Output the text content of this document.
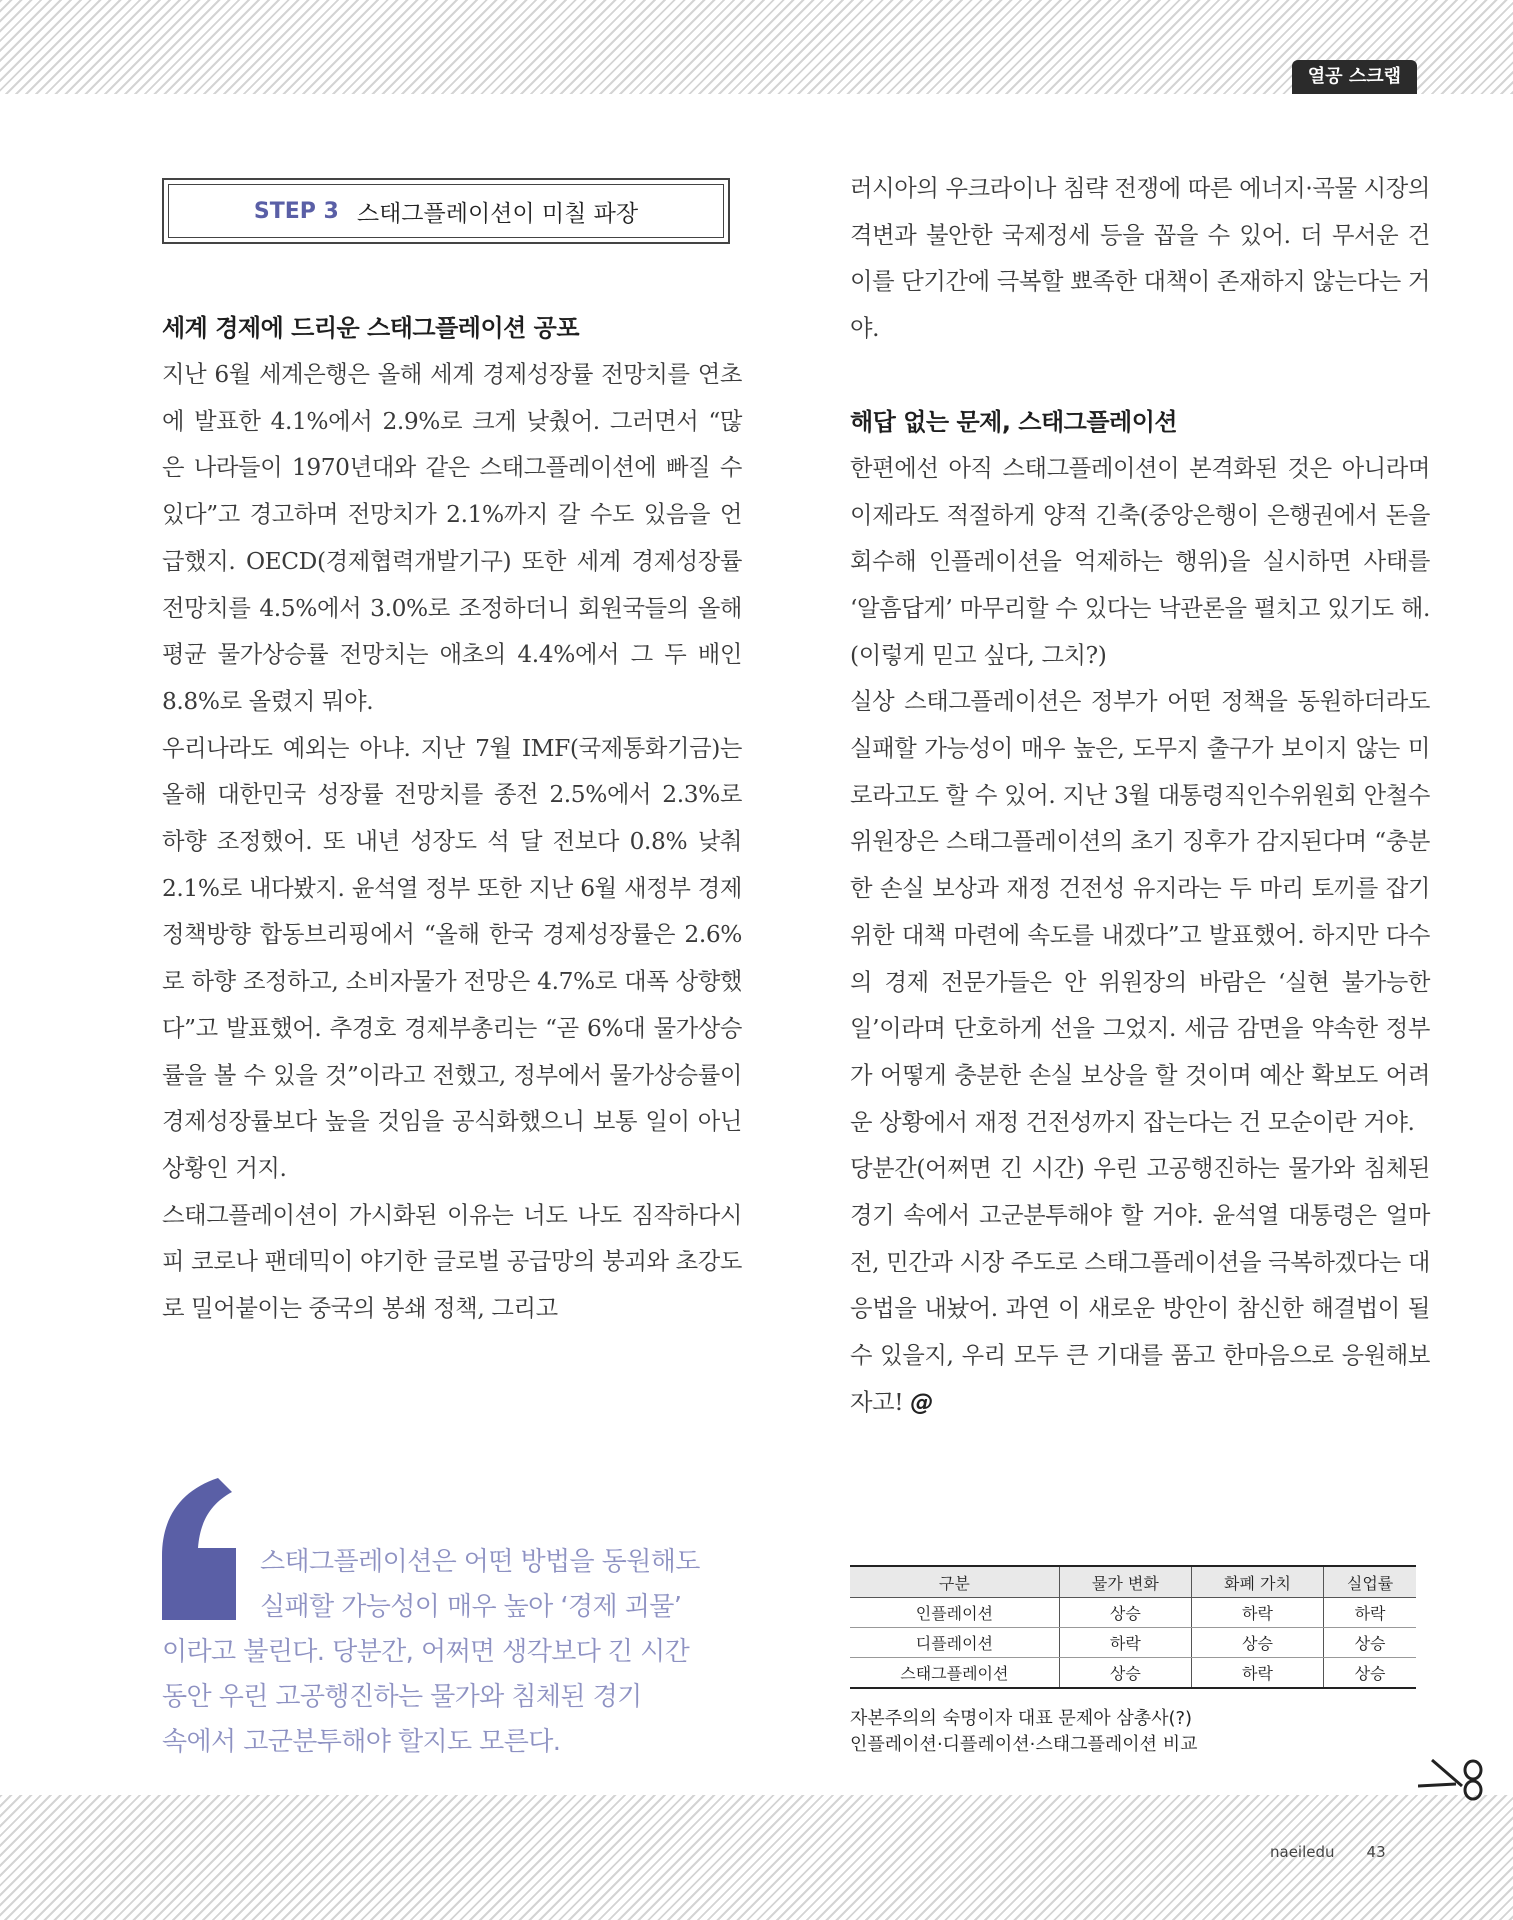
열공 스크랩
STEP 3 스태그플레이션이 미칠 파장
세계 경제에 드리운 스태그플레이션 공포

지난 6월 세계은행은 올해 세계 경제성장률 전망치를 연초에 발표한 4.1%에서 2.9%로 크게 낮췄어. 그러면서 “많은 나라들이 1970년대와 같은 스태그플레이션에 빠질 수 있다”고 경고하며 전망치가 2.1%까지 갈 수도 있음을 언급했지. OECD(경제협력개발기구) 또한 세계 경제성장률 전망치를 4.5%에서 3.0%로 조정하더니 회원국들의 올해 평균 물가상승률 전망치는 애초의 4.4%에서 그 두 배인 8.8%로 올렸지 뭐야.

우리나라도 예외는 아냐. 지난 7월 IMF(국제통화기금)는 올해 대한민국 성장률 전망치를 종전 2.5%에서 2.3%로 하향 조정했어. 또 내년 성장도 석 달 전보다 0.8% 낮춰 2.1%로 내다봤지. 윤석열 정부 또한 지난 6월 새정부 경제정책방향 합동브리핑에서 “올해 한국 경제성장률은 2.6%로 하향 조정하고, 소비자물가 전망은 4.7%로 대폭 상향했다”고 발표했어. 추경호 경제부총리는 “곧 6%대 물가상승률을 볼 수 있을 것”이라고 전했고, 정부에서 물가상승률이 경제성장률보다 높을 것임을 공식화했으니 보통 일이 아닌 상황인 거지.

스태그플레이션이 가시화된 이유는 너도 나도 짐작하다시피 코로나 팬데믹이 야기한 글로벌 공급망의 붕괴와 초강도로 밀어붙이는 중국의 봉쇄 정책, 그리고

러시아의 우크라이나 침략 전쟁에 따른 에너지·곡물 시장의 격변과 불안한 국제정세 등을 꼽을 수 있어. 더 무서운 건 이를 단기간에 극복할 뾰족한 대책이 존재하지 않는다는 거야.

해답 없는 문제, 스태그플레이션

한편에선 아직 스태그플레이션이 본격화된 것은 아니라며 이제라도 적절하게 양적 긴축(중앙은행이 은행권에서 돈을 회수해 인플레이션을 억제하는 행위)을 실시하면 사태를 ‘알흠답게’ 마무리할 수 있다는 낙관론을 펼치고 있기도 해. (이렇게 믿고 싶다, 그치?)

실상 스태그플레이션은 정부가 어떤 정책을 동원하더라도 실패할 가능성이 매우 높은, 도무지 출구가 보이지 않는 미로라고도 할 수 있어. 지난 3월 대통령직인수위원회 안철수 위원장은 스태그플레이션의 초기 징후가 감지된다며 “충분한 손실 보상과 재정 건전성 유지라는 두 마리 토끼를 잡기 위한 대책 마련에 속도를 내겠다”고 발표했어. 하지만 다수의 경제 전문가들은 안 위원장의 바람은 ‘실현 불가능한 일’이라며 단호하게 선을 그었지. 세금 감면을 약속한 정부가 어떻게 충분한 손실 보상을 할 것이며 예산 확보도 어려운 상황에서 재정 건전성까지 잡는다는 건 모순이란 거야.

당분간(어쩌면 긴 시간) 우린 고공행진하는 물가와 침체된 경기 속에서 고군분투해야 할 거야. 윤석열 대통령은 얼마 전, 민간과 시장 주도로 스태그플레이션을 극복하겠다는 대응법을 내놨어. 과연 이 새로운 방안이 참신한 해결법이 될 수 있을지, 우리 모두 큰 기대를 품고 한마음으로 응원해보자고! @

스태그플레이션은 어떤 방법을 동원해도

실패할 가능성이 매우 높아 ‘경제 괴물’

이라고 불린다. 당분간, 어쩌면 생각보다 긴 시간

동안 우린 고공행진하는 물가와 침체된 경기

속에서 고군분투해야 할지도 모른다.

구분	물가 변화	화폐 가치	실업률
인플레이션	상승	하락	하락
디플레이션	하락	상승	상승
스태그플레이션	상승	하락	상승

자본주의의 숙명이자 대표 문제아 삼총사(?)

인플레이션·디플레이션·스태그플레이션 비교

naeiledu 43
